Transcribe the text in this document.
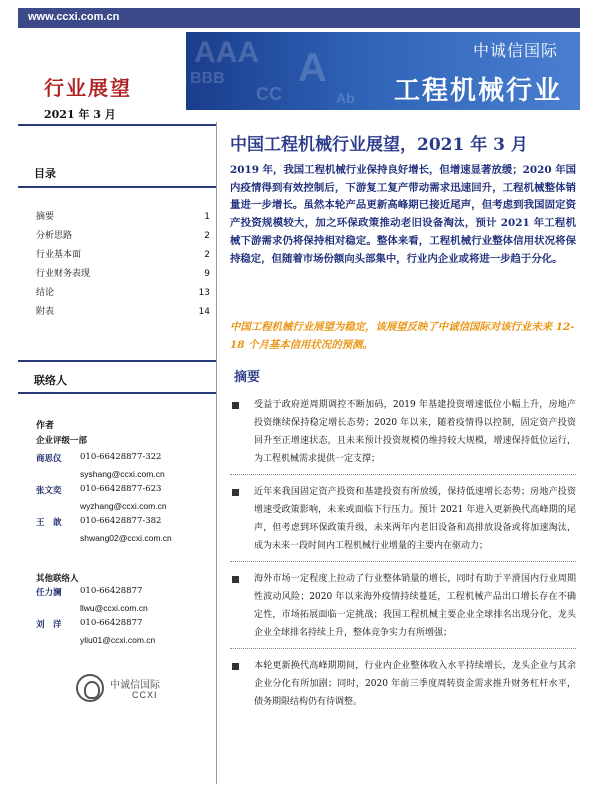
www.ccxi.com.cn
AAA
BBB
CC
A
Ab
中诚信国际
工程机械行业
行业展望
2021 年 3 月
目录
摘要	1
分析思路	2
行业基本面	2
行业财务表现	9
结论	13
附表	14
联络人
作者
企业评级一部
商思仪 010-66428877-322
syshang@ccxi.com.cn
张文奕 010-66428877-623
wyzhang@ccxi.com.cn
王　歆 010-66428877-382
shwang02@ccxi.com.cn
其他联络人
任力澜 010-66428877
llwu@ccxi.com.cn
刘　洋 010-66428877
yliu01@ccxi.com.cn
中诚信国际
CCXI
中国工程机械行业展望，2021 年 3 月
2019 年，我国工程机械行业保持良好增长，但增速显著放缓；2020 年国内疫情得到有效控制后，下游复工复产带动需求迅速回升，工程机械整体销量进一步增长。虽然本轮产品更新高峰期已接近尾声，但考虑到我国固定资产投资规模较大，加之环保政策推动老旧设备淘汰，预计 2021 年工程机械下游需求仍将保持相对稳定。整体来看，工程机械行业整体信用状况将保持稳定，但随着市场份额向头部集中，行业内企业或将进一步趋于分化。
中国工程机械行业展望为稳定，该展望反映了中诚信国际对该行业未来 12-18 个月基本信用状况的预测。
摘要
受益于政府逆周期调控不断加码，2019 年基建投资增速低位小幅上升，房地产投资继续保持稳定增长态势；2020 年以来，随着疫情得以控制，固定资产投资回升至正增速状态，且未来预计投资规模仍维持较大规模，增速保持低位运行，为工程机械需求提供一定支撑；
近年来我国固定资产投资和基建投资有所放缓，保持低速增长态势；房地产投资增速受政策影响，未来或面临下行压力。预计 2021 年进入更新换代高峰期的尾声，但考虑到环保政策升级，未来两年内老旧设备和高排放设备或将加速淘汰，成为未来一段时间内工程机械行业增量的主要内在驱动力；
海外市场一定程度上拉动了行业整体销量的增长，同时有助于平滑国内行业周期性波动风险；2020 年以来海外疫情持续蔓延，工程机械产品出口增长存在不确定性，市场拓展面临一定挑战；我国工程机械主要企业全球排名出现分化，龙头企业全球排名持续上升，整体竞争实力有所增强；
本轮更新换代高峰期期间，行业内企业整体收入水平持续增长，龙头企业与其余企业分化有所加剧；同时，2020 年前三季度周转资金需求推升财务杠杆水平，债务期限结构仍有待调整。
